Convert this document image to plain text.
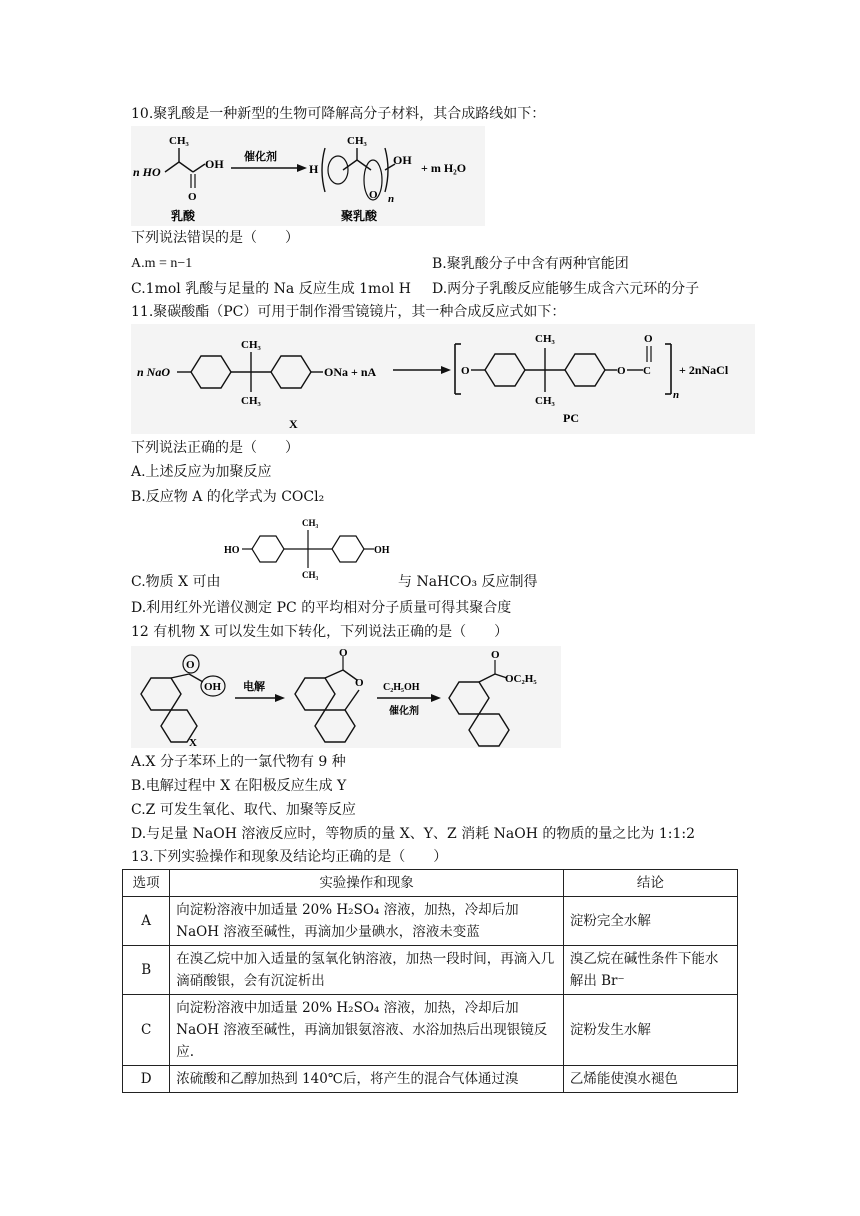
10.聚乳酸是一种新型的生物可降解高分子材料，其合成路线如下：
n HO
CH₃
OH
O
乳酸
催化剂
H
CH₃
O n
OH
+ m H₂O
聚乳酸
下列说法错误的是（　　）
A.m = n−1	B.聚乳酸分子中含有两种官能团
C.1mol 乳酸与足量的 Na 反应生成 1mol H D.两分子乳酸反应能够生成含六元环的分子
11.聚碳酸酯（PC）可用于制作滑雪镜镜片，其一种合成反应式如下：
n NaO
CH₃
CH₃
ONa + nA
X
O
CH₃
CH₃
O C
O
n
+ 2nNaCl
PC
下列说法正确的是（　　）
A.上述反应为加聚反应
B.反应物 A 的化学式为 COCl₂
HO
CH₃
CH₃
OH
C.物质 X 可由	与 NaHCO₃ 反应制得
D.利用红外光谱仪测定 PC 的平均相对分子质量可得其聚合度
12 有机物 X 可以发生如下转化，下列说法正确的是（　　）
O
OH
X
电解
O
O C₂H₅OH
催化剂
O
OC₂H₅
A.X 分子苯环上的一氯代物有 9 种
B.电解过程中 X 在阳极反应生成 Y
C.Z 可发生氧化、取代、加聚等反应
D.与足量 NaOH 溶液反应时，等物质的量 X、Y、Z 消耗 NaOH 的物质的量之比为 1:1:2
13.下列实验操作和现象及结论均正确的是（　　）
选项	实验操作和现象	结论
A	向淀粉溶液中加适量 20% H₂SO₄ 溶液，加热，冷却后加 NaOH 溶液至碱性，再滴加少量碘水，溶液未变蓝	淀粉完全水解
B	在溴乙烷中加入适量的氢氧化钠溶液，加热一段时间，再滴入几滴硝酸银，会有沉淀析出	溴乙烷在碱性条件下能水解出 Br⁻
C	向淀粉溶液中加适量 20% H₂SO₄ 溶液，加热，冷却后加 NaOH 溶液至碱性，再滴加银氨溶液、水浴加热后出现银镜反应.	淀粉发生水解
D	浓硫酸和乙醇加热到 140℃后，将产生的混合气体通过溴	乙烯能使溴水褪色
